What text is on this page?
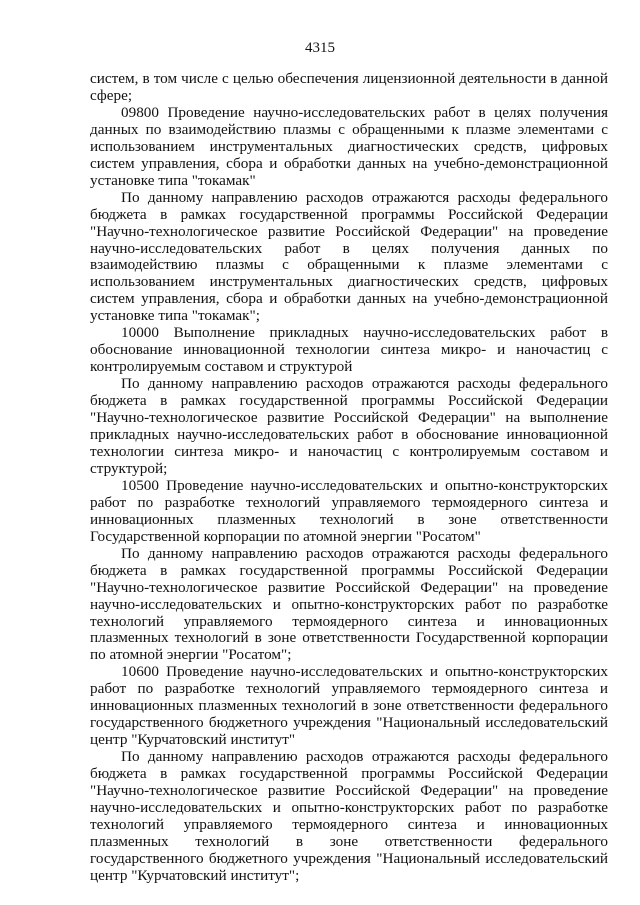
4315

систем, в том числе с целью обеспечения лицензионной деятельности в данной сфере;

09800 Проведение научно-исследовательских работ в целях получения данных по взаимодействию плазмы с обращенными к плазме элементами с использованием инструментальных диагностических средств, цифровых систем управления, сбора и обработки данных на учебно-демонстрационной установке типа "токамак"

По данному направлению расходов отражаются расходы федерального бюджета в рамках государственной программы Российской Федерации "Научно-технологическое развитие Российской Федерации" на проведение научно-исследовательских работ в целях получения данных по взаимодействию плазмы с обращенными к плазме элементами с использованием инструментальных диагностических средств, цифровых систем управления, сбора и обработки данных на учебно-демонстрационной установке типа "токамак";

10000 Выполнение прикладных научно-исследовательских работ в обоснование инновационной технологии синтеза микро- и наночастиц с контролируемым составом и структурой

По данному направлению расходов отражаются расходы федерального бюджета в рамках государственной программы Российской Федерации "Научно-технологическое развитие Российской Федерации" на выполнение прикладных научно-исследовательских работ в обоснование инновационной технологии синтеза микро- и наночастиц с контролируемым составом и структурой;

10500 Проведение научно-исследовательских и опытно-конструкторских работ по разработке технологий управляемого термоядерного синтеза и инновационных плазменных технологий в зоне ответственности Государственной корпорации по атомной энергии "Росатом"

По данному направлению расходов отражаются расходы федерального бюджета в рамках государственной программы Российской Федерации "Научно-технологическое развитие Российской Федерации" на проведение научно-исследовательских и опытно-конструкторских работ по разработке технологий управляемого термоядерного синтеза и инновационных плазменных технологий в зоне ответственности Государственной корпорации по атомной энергии "Росатом";

10600 Проведение научно-исследовательских и опытно-конструкторских работ по разработке технологий управляемого термоядерного синтеза и инновационных плазменных технологий в зоне ответственности федерального государственного бюджетного учреждения "Национальный исследовательский центр "Курчатовский институт"

По данному направлению расходов отражаются расходы федерального бюджета в рамках государственной программы Российской Федерации "Научно-технологическое развитие Российской Федерации" на проведение научно-исследовательских и опытно-конструкторских работ по разработке технологий управляемого термоядерного синтеза и инновационных плазменных технологий в зоне ответственности федерального государственного бюджетного учреждения "Национальный исследовательский центр "Курчатовский институт";
